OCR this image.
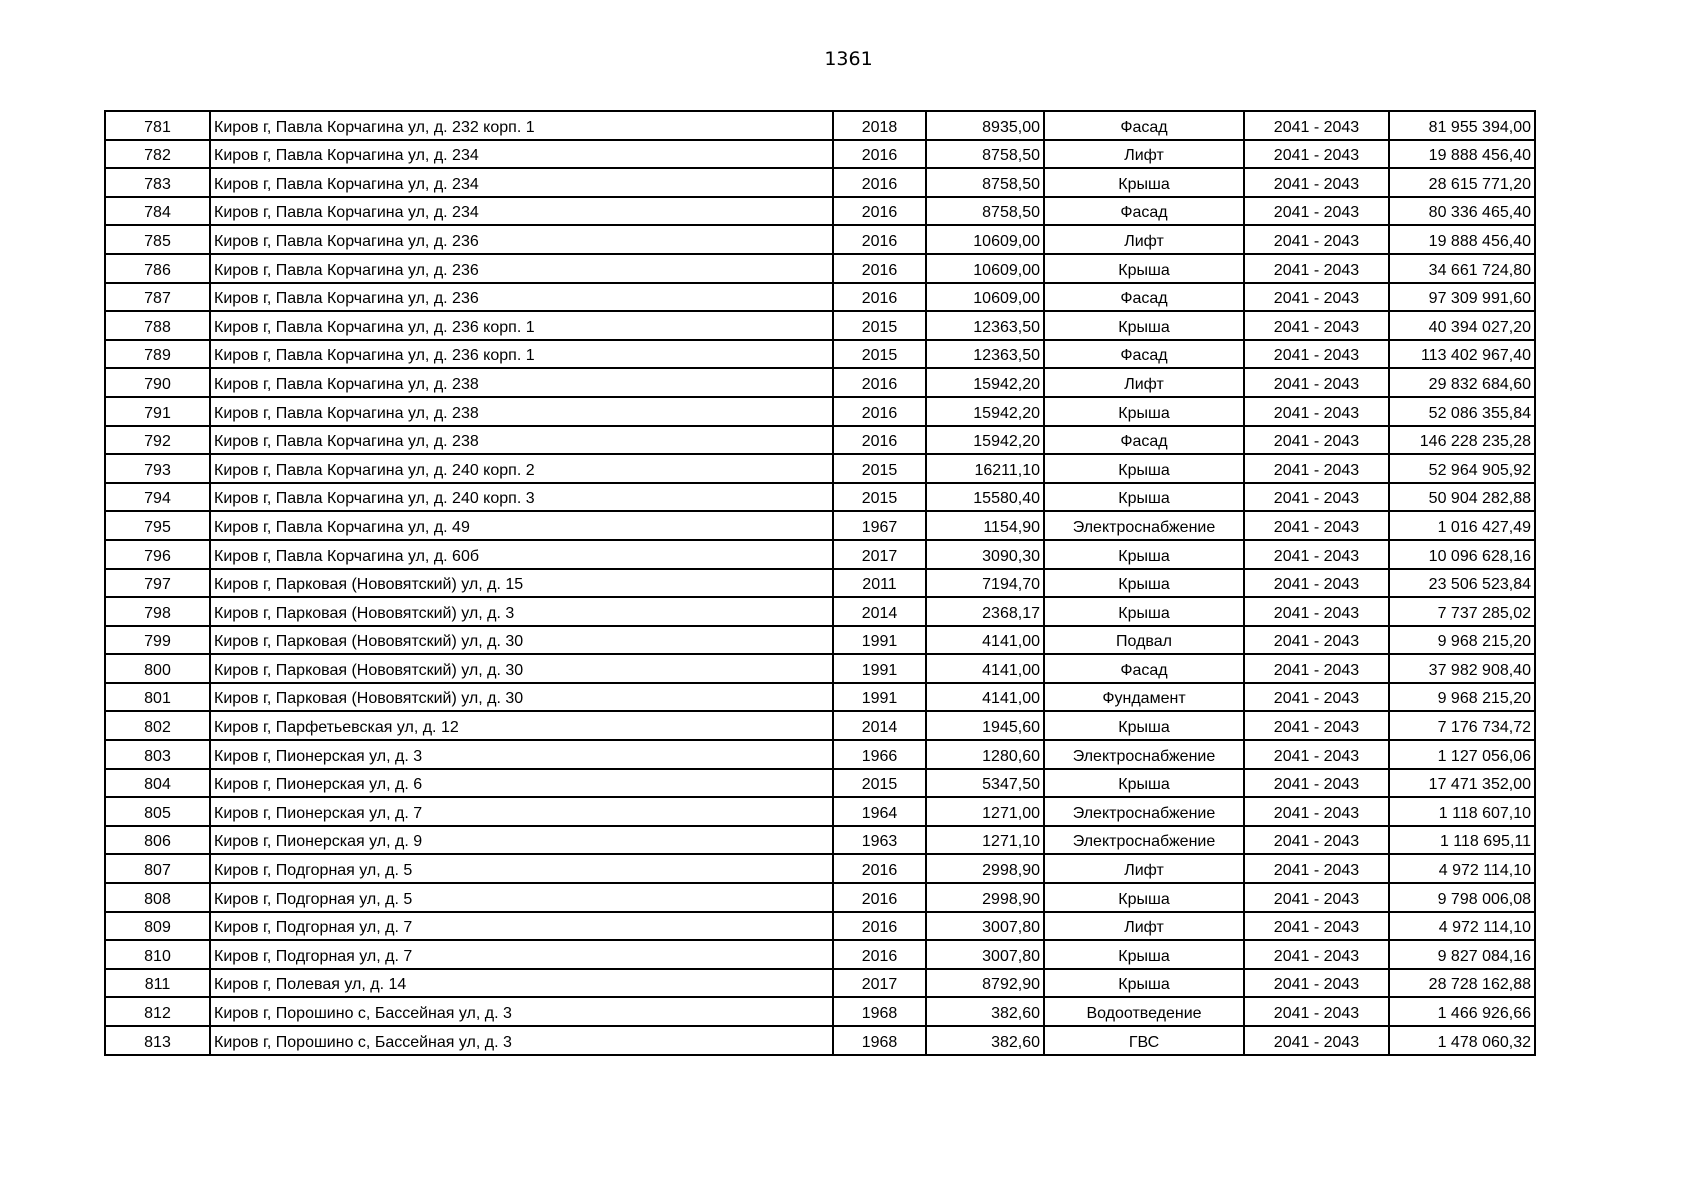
1361
781	Киров г, Павла Корчагина ул, д. 232 корп. 1	2018	8935,00	Фасад	2041 - 2043	81 955 394,00
782	Киров г, Павла Корчагина ул, д. 234	2016	8758,50	Лифт	2041 - 2043	19 888 456,40
783	Киров г, Павла Корчагина ул, д. 234	2016	8758,50	Крыша	2041 - 2043	28 615 771,20
784	Киров г, Павла Корчагина ул, д. 234	2016	8758,50	Фасад	2041 - 2043	80 336 465,40
785	Киров г, Павла Корчагина ул, д. 236	2016	10609,00	Лифт	2041 - 2043	19 888 456,40
786	Киров г, Павла Корчагина ул, д. 236	2016	10609,00	Крыша	2041 - 2043	34 661 724,80
787	Киров г, Павла Корчагина ул, д. 236	2016	10609,00	Фасад	2041 - 2043	97 309 991,60
788	Киров г, Павла Корчагина ул, д. 236 корп. 1	2015	12363,50	Крыша	2041 - 2043	40 394 027,20
789	Киров г, Павла Корчагина ул, д. 236 корп. 1	2015	12363,50	Фасад	2041 - 2043	113 402 967,40
790	Киров г, Павла Корчагина ул, д. 238	2016	15942,20	Лифт	2041 - 2043	29 832 684,60
791	Киров г, Павла Корчагина ул, д. 238	2016	15942,20	Крыша	2041 - 2043	52 086 355,84
792	Киров г, Павла Корчагина ул, д. 238	2016	15942,20	Фасад	2041 - 2043	146 228 235,28
793	Киров г, Павла Корчагина ул, д. 240 корп. 2	2015	16211,10	Крыша	2041 - 2043	52 964 905,92
794	Киров г, Павла Корчагина ул, д. 240 корп. 3	2015	15580,40	Крыша	2041 - 2043	50 904 282,88
795	Киров г, Павла Корчагина ул, д. 49	1967	1154,90	Электроснабжение	2041 - 2043	1 016 427,49
796	Киров г, Павла Корчагина ул, д. 60б	2017	3090,30	Крыша	2041 - 2043	10 096 628,16
797	Киров г, Парковая (Нововятский) ул, д. 15	2011	7194,70	Крыша	2041 - 2043	23 506 523,84
798	Киров г, Парковая (Нововятский) ул, д. 3	2014	2368,17	Крыша	2041 - 2043	7 737 285,02
799	Киров г, Парковая (Нововятский) ул, д. 30	1991	4141,00	Подвал	2041 - 2043	9 968 215,20
800	Киров г, Парковая (Нововятский) ул, д. 30	1991	4141,00	Фасад	2041 - 2043	37 982 908,40
801	Киров г, Парковая (Нововятский) ул, д. 30	1991	4141,00	Фундамент	2041 - 2043	9 968 215,20
802	Киров г, Парфетьевская ул, д. 12	2014	1945,60	Крыша	2041 - 2043	7 176 734,72
803	Киров г, Пионерская ул, д. 3	1966	1280,60	Электроснабжение	2041 - 2043	1 127 056,06
804	Киров г, Пионерская ул, д. 6	2015	5347,50	Крыша	2041 - 2043	17 471 352,00
805	Киров г, Пионерская ул, д. 7	1964	1271,00	Электроснабжение	2041 - 2043	1 118 607,10
806	Киров г, Пионерская ул, д. 9	1963	1271,10	Электроснабжение	2041 - 2043	1 118 695,11
807	Киров г, Подгорная ул, д. 5	2016	2998,90	Лифт	2041 - 2043	4 972 114,10
808	Киров г, Подгорная ул, д. 5	2016	2998,90	Крыша	2041 - 2043	9 798 006,08
809	Киров г, Подгорная ул, д. 7	2016	3007,80	Лифт	2041 - 2043	4 972 114,10
810	Киров г, Подгорная ул, д. 7	2016	3007,80	Крыша	2041 - 2043	9 827 084,16
811	Киров г, Полевая ул, д. 14	2017	8792,90	Крыша	2041 - 2043	28 728 162,88
812	Киров г, Порошино с, Бассейная ул, д. 3	1968	382,60	Водоотведение	2041 - 2043	1 466 926,66
813	Киров г, Порошино с, Бассейная ул, д. 3	1968	382,60	ГВС	2041 - 2043	1 478 060,32
